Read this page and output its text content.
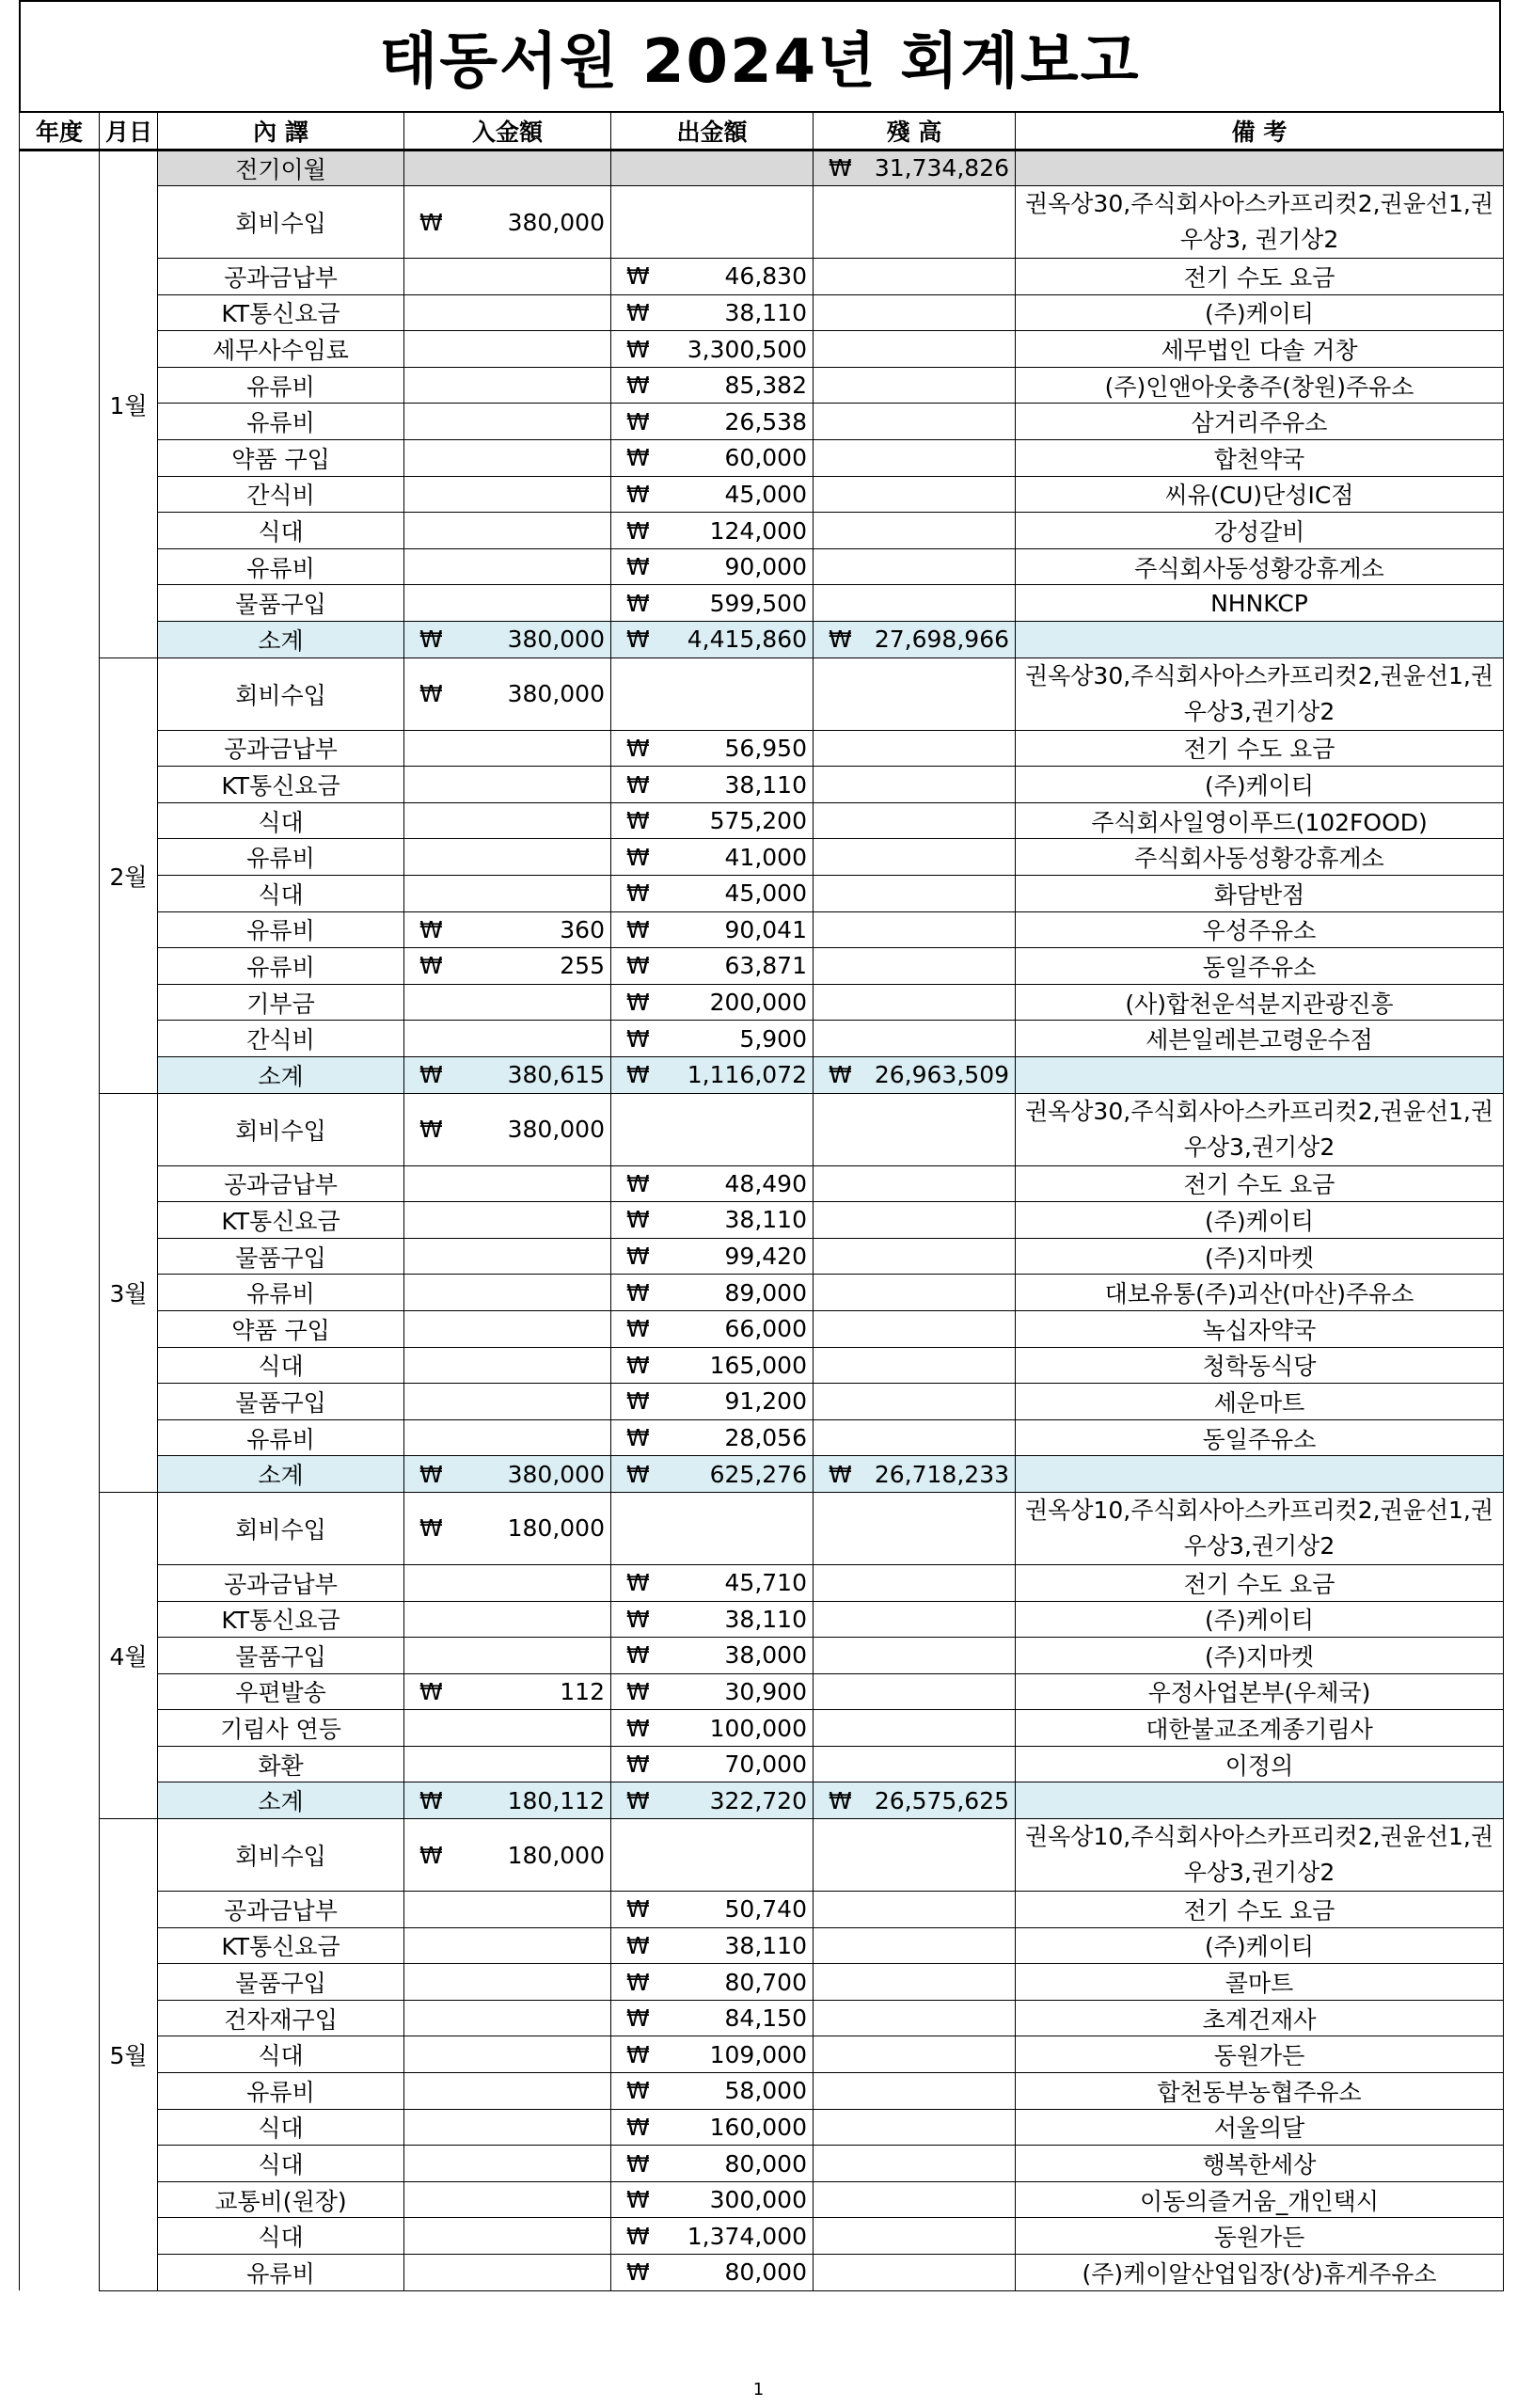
태동서원 2024년 회계보고
年度	月日	內 譯	入金額	出金額	殘 高	備 考
	1월	전기이월			₩ 31,734,826	
		회비수입	₩ 380,000			권옥상30,주식회사아스카프리컷2,권윤선1,권우상3, 권기상2
		공과금납부		₩ 46,830		전기 수도 요금
		KT통신요금		₩ 38,110		(주)케이티
		세무사수임료		₩ 3,300,500		세무법인 다솔 거창
		유류비		₩ 85,382		(주)인앤아웃충주(창원)주유소
		유류비		₩ 26,538		삼거리주유소
		약품 구입		₩ 60,000		합천약국
		간식비		₩ 45,000		씨유(CU)단성IC점
		식대		₩ 124,000		강성갈비
		유류비		₩ 90,000		주식회사동성황강휴게소
		물품구입		₩ 599,500		NHNKCP
		소계	₩ 380,000	₩ 4,415,860	₩ 27,698,966	
	2월	회비수입	₩ 380,000			권옥상30,주식회사아스카프리컷2,권윤선1,권우상3,권기상2
		공과금납부		₩ 56,950		전기 수도 요금
		KT통신요금		₩ 38,110		(주)케이티
		식대		₩ 575,200		주식회사일영이푸드(102FOOD)
		유류비		₩ 41,000		주식회사동성황강휴게소
		식대		₩ 45,000		화담반점
		유류비	₩ 360	₩ 90,041		우성주유소
		유류비	₩ 255	₩ 63,871		동일주유소
		기부금		₩ 200,000		(사)합천운석분지관광진흥
		간식비		₩ 5,900		세븐일레븐고령운수점
		소계	₩ 380,615	₩ 1,116,072	₩ 26,963,509	
	3월	회비수입	₩ 380,000			권옥상30,주식회사아스카프리컷2,권윤선1,권우상3,권기상2
		공과금납부		₩ 48,490		전기 수도 요금
		KT통신요금		₩ 38,110		(주)케이티
		물품구입		₩ 99,420		(주)지마켓
		유류비		₩ 89,000		대보유통(주)괴산(마산)주유소
		약품 구입		₩ 66,000		녹십자약국
		식대		₩ 165,000		청학동식당
		물품구입		₩ 91,200		세운마트
		유류비		₩ 28,056		동일주유소
		소계	₩ 380,000	₩ 625,276	₩ 26,718,233	
	4월	회비수입	₩ 180,000			권옥상10,주식회사아스카프리컷2,권윤선1,권우상3,권기상2
		공과금납부		₩ 45,710		전기 수도 요금
		KT통신요금		₩ 38,110		(주)케이티
		물품구입		₩ 38,000		(주)지마켓
		우편발송	₩ 112	₩ 30,900		우정사업본부(우체국)
		기림사 연등		₩ 100,000		대한불교조계종기림사
		화환		₩ 70,000		이정의
		소계	₩ 180,112	₩ 322,720	₩ 26,575,625	
	5월	회비수입	₩ 180,000			권옥상10,주식회사아스카프리컷2,권윤선1,권우상3,권기상2
		공과금납부		₩ 50,740		전기 수도 요금
		KT통신요금		₩ 38,110		(주)케이티
		물품구입		₩ 80,700		콜마트
		건자재구입		₩ 84,150		초계건재사
		식대		₩ 109,000		동원가든
		유류비		₩ 58,000		합천동부농협주유소
		식대		₩ 160,000		서울의달
		식대		₩ 80,000		행복한세상
		교통비(원장)		₩ 300,000		이동의즐거움_개인택시
		식대		₩ 1,374,000		동원가든
		유류비		₩ 80,000		(주)케이알산업입장(상)휴게주유소
1
